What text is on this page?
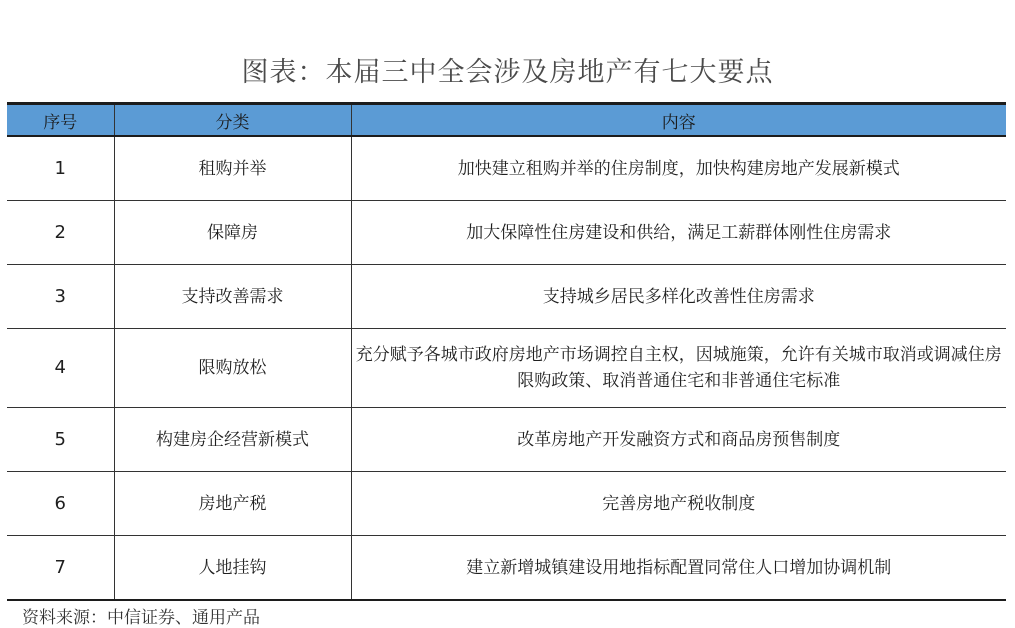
图表：本届三中全会涉及房地产有七大要点
序号	分类	内容
1	租购并举	加快建立租购并举的住房制度，加快构建房地产发展新模式
2	保障房	加大保障性住房建设和供给，满足工薪群体刚性住房需求
3	支持改善需求	支持城乡居民多样化改善性住房需求
4	限购放松	充分赋予各城市政府房地产市场调控自主权，因城施策，允许有关城市取消或调减住房限购政策、取消普通住宅和非普通住宅标准
5	构建房企经营新模式	改革房地产开发融资方式和商品房预售制度
6	房地产税	完善房地产税收制度
7	人地挂钩	建立新增城镇建设用地指标配置同常住人口增加协调机制
资料来源：中信证券、通用产品
